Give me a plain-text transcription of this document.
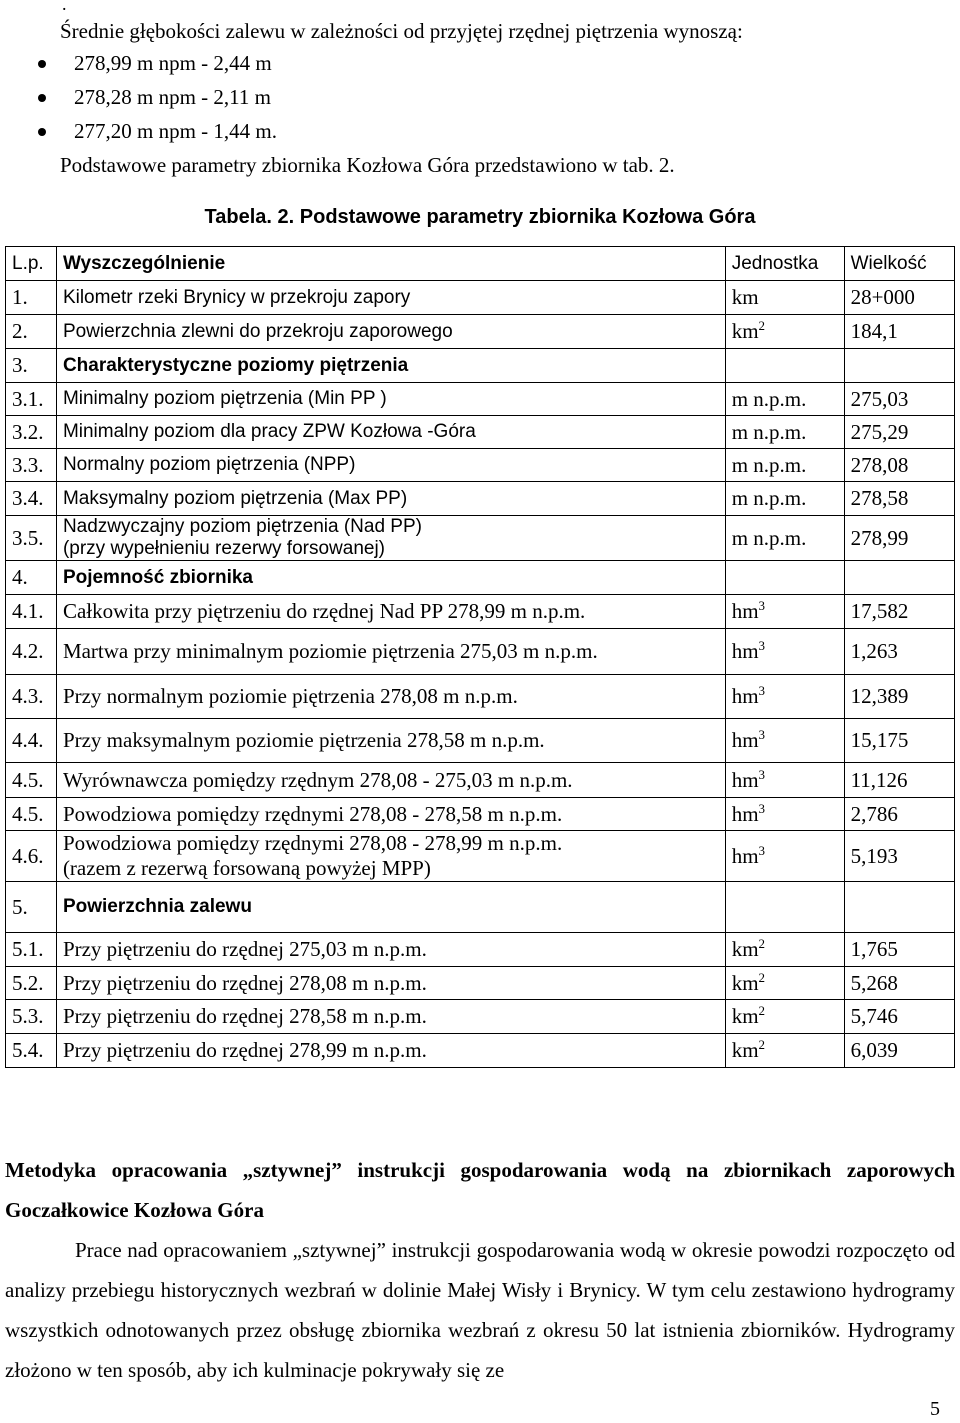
.
Średnie głębokości zalewu w zależności od przyjętej rzędnej piętrzenia wynoszą:
278,99 m npm - 2,44 m
278,28 m npm - 2,11 m
277,20 m npm - 1,44 m.
Podstawowe parametry zbiornika Kozłowa Góra przedstawiono w tab. 2.
Tabela. 2. Podstawowe parametry zbiornika Kozłowa Góra
L.p.	Wyszczególnienie	Jednostka	Wielkość
1.	Kilometr rzeki Brynicy w przekroju zapory	km	28+000
2.	Powierzchnia zlewni do przekroju zaporowego	$km^2$	184,1
3.	Charakterystyczne poziomy piętrzenia		
3.1.	Minimalny poziom piętrzenia (Min PP )	m n.p.m.	275,03
3.2.	Minimalny poziom dla pracy ZPW Kozłowa -Góra	m n.p.m.	275,29
3.3.	Normalny poziom piętrzenia (NPP)	m n.p.m.	278,08
3.4.	Maksymalny poziom piętrzenia (Max PP)	m n.p.m.	278,58
3.5.	Nadzwyczajny poziom piętrzenia (Nad PP)
(przy wypełnieniu rezerwy forsowanej)	m n.p.m.	278,99
4.	Pojemność zbiornika		
4.1.	Całkowita przy piętrzeniu do rzędnej Nad PP 278,99 m n.p.m.	$hm^3$	17,582
4.2.	Martwa przy minimalnym poziomie piętrzenia 275,03 m n.p.m.	$hm^3$	1,263
4.3.	Przy normalnym poziomie piętrzenia 278,08 m n.p.m.	$hm^3$	12,389
4.4.	Przy maksymalnym poziomie piętrzenia 278,58 m n.p.m.	$hm^3$	15,175
4.5.	Wyrównawcza pomiędzy rzędnym 278,08 - 275,03 m n.p.m.	$hm^3$	11,126
4.5.	Powodziowa pomiędzy rzędnymi 278,08 - 278,58 m n.p.m.	$hm^3$	2,786
4.6.	Powodziowa pomiędzy rzędnymi 278,08 - 278,99 m n.p.m.
(razem z rezerwą forsowaną powyżej MPP)	$hm^3$	5,193
5.	Powierzchnia zalewu		
5.1.	Przy piętrzeniu do rzędnej 275,03 m n.p.m.	$km^2$	1,765
5.2.	Przy piętrzeniu do rzędnej 278,08 m n.p.m.	$km^2$	5,268
5.3.	Przy piętrzeniu do rzędnej 278,58 m n.p.m.	$km^2$	5,746
5.4.	Przy piętrzeniu do rzędnej 278,99 m n.p.m.	$km^2$	6,039
Metodyka opracowania „sztywnej” instrukcji gospodarowania wodą na zbiornikach zaporowych Goczałkowice Kozłowa Góra
Prace nad opracowaniem „sztywnej” instrukcji gospodarowania wodą w okresie powodzi rozpoczęto od analizy przebiegu historycznych wezbrań w dolinie Małej Wisły i Brynicy. W tym celu zestawiono hydrogramy wszystkich odnotowanych przez obsługę zbiornika wezbrań z okresu 50 lat istnienia zbiorników. Hydrogramy złożono w ten sposób, aby ich kulminacje pokrywały się ze
5
